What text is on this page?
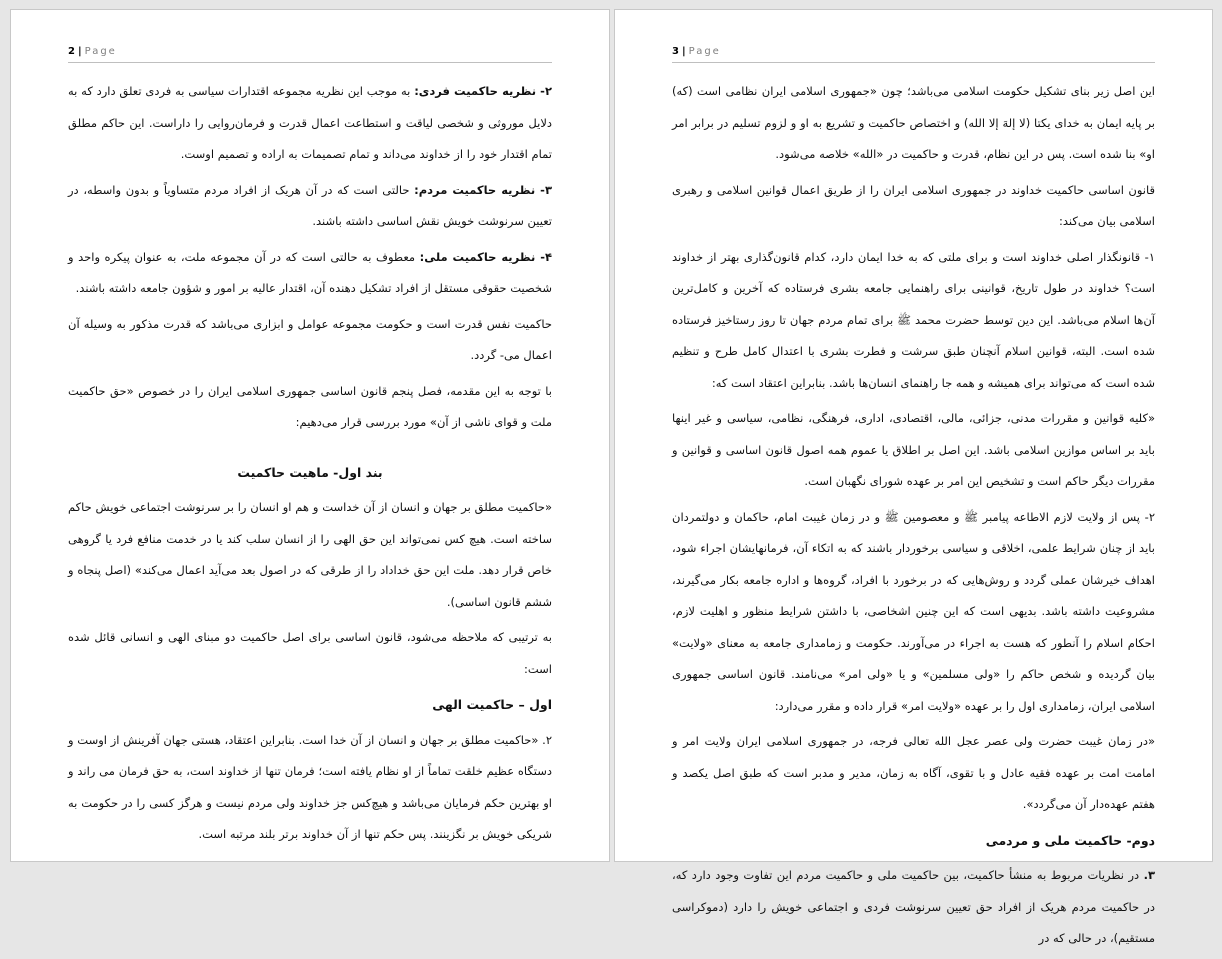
2 | Page

۲- نظریه حاکمیت فردی: به موجب این نظریه مجموعه اقتدارات سیاسی به فردی تعلق دارد که به دلایل موروثی و شخصی لیاقت و استطاعت اعمال قدرت و فرمان‌روایی را داراست. این حاکم مطلق تمام اقتدار خود را از خداوند می‌داند و تمام تصمیمات به اراده و تصمیم اوست.

۳- نظریه حاکمیت مردم: حالتی است که در آن هریک از افراد مردم متساویاً و بدون واسطه، در تعیین سرنوشت خویش نقش اساسی داشته باشند.

۴- نظریه حاکمیت ملی: معطوف به حالتی است که در آن مجموعه ملت، به عنوان پیکره واحد و شخصیت حقوقی مستقل از افراد تشکیل دهنده آن، اقتدار عالیه بر امور و شؤون جامعه داشته باشند.

حاکمیت نفس قدرت است و حکومت مجموعه عوامل و ابزاری می‌باشد که قدرت مذکور به وسیله آن اعمال می- گردد.

با توجه به این مقدمه، فصل پنجم قانون اساسی جمهوری اسلامی ایران را در خصوص «حق حاکمیت ملت و قوای ناشی از آن» مورد بررسی قرار می‌دهیم:

بند اول- ماهیت حاکمیت

«حاکمیت مطلق بر جهان و انسان از آن خداست و هم او انسان را بر سرنوشت اجتماعی خویش حاکم ساخته است. هیچ کس نمی‌تواند این حق الهی را از انسان سلب کند یا در خدمت منافع فرد یا گروهی خاص قرار دهد. ملت این حق خداداد را از طرقی که در اصول بعد می‌آید اعمال می‌کند» (اصل پنجاه و ششم قانون اساسی).

به ترتیبی که ملاحظه می‌شود، قانون اساسی برای اصل حاکمیت دو مبنای الهی و انسانی قائل شده است:

اول – حاکمیت الهی

۲. «حاکمیت مطلق بر جهان و انسان از آن خدا است. بنابراین اعتقاد، هستی جهان آفرینش از اوست و دستگاه عظیم خلقت تماماً از او نظام یافته است؛ فرمان تنها از خداوند است، به حق فرمان می راند و او بهترین حکم فرمایان می‌باشد و هیچ‌کس جز خداوند ولی مردم نیست و هرگز کسی را در حکومت به شریکی خویش بر نگزینند. پس حکم تنها از آن خداوند برتر بلند مرتبه است.

3 | Page

این اصل زیر بنای تشکیل حکومت اسلامی می‌باشد؛ چون «جمهوری اسلامی ایران نظامی است (که) بر پایه ایمان به خدای یکتا (لا إلهَ إلا الله) و اختصاص حاکمیت و تشریع به او و لزوم تسلیم در برابر امر او» بنا شده است. پس در این نظام، قدرت و حاکمیت در «الله» خلاصه می‌شود.

قانون اساسی حاکمیت خداوند در جمهوری اسلامی ایران را از طریق اعمال قوانین اسلامی و رهبری اسلامی بیان می‌کند:

۱- قانونگذار اصلی خداوند است و برای ملتی که به خدا ایمان دارد، کدام قانون‌گذاری بهتر از خداوند است؟ خداوند در طول تاریخ، قوانینی برای راهنمایی جامعه بشری فرستاده که آخرین و کامل‌ترین آن‌ها اسلام می‌باشد. این دین توسط حضرت محمد ﷺ برای تمام مردم جهان تا روز رستاخیز فرستاده شده است. البته، قوانین اسلام آنچنان طبق سرشت و فطرت بشری با اعتدال کامل طرح و تنظیم شده است که می‌تواند برای همیشه و همه جا راهنمای انسان‌ها باشد. بنابراین اعتقاد است که:

«کلیه قوانین و مقررات مدنی، جزائی، مالی، اقتصادی، اداری، فرهنگی، نظامی، سیاسی و غیر اینها باید بر اساس موازین اسلامی باشد. این اصل بر اطلاق یا عموم همه اصول قانون اساسی و قوانین و مقررات دیگر حاکم است و تشخیص این امر بر عهده شورای نگهبان است.

۲- پس از ولایت لازم الاطاعه پیامبر ﷺ و معصومین ﷺ و در زمان غیبت امام، حاکمان و دولتمردان باید از چنان شرایط علمی، اخلاقی و سیاسی برخوردار باشند که به اتکاء آن، فرمانهایشان اجراء شود، اهداف خیرشان عملی گردد و روش‌هایی که در برخورد با افراد، گروه‌ها و اداره جامعه بکار می‌گیرند، مشروعیت داشته باشد. بدیهی است که این چنین اشخاصی، با داشتن شرایط منظور و اهلیت لازم، احکام اسلام را آنطور که هست به اجراء در می‌آورند. حکومت و زمامداری جامعه به معنای «ولایت» بیان گردیده و شخص حاکم را «ولی مسلمین» و یا «ولی امر» می‌نامند. قانون اساسی جمهوری اسلامی ایران، زمامداری اول را بر عهده «ولایت امر» قرار داده و مقرر می‌دارد:

«در زمان غیبت حضرت ولی عصر عجل الله تعالی فرجه، در جمهوری اسلامی ایران ولایت امر و امامت امت بر عهده فقیه عادل و با تقوی، آگاه به زمان، مدیر و مدبر است که طبق اصل یکصد و هفتم عهده‌دار آن می‌گردد».

دوم- حاکمیت ملی و مردمی

۳. در نظریات مربوط به منشأ حاکمیت، بین حاکمیت ملی و حاکمیت مردم این تفاوت وجود دارد که، در حاکمیت مردم هریک از افراد حق تعیین سرنوشت فردی و اجتماعی خویش را دارد (دموکراسی مستقیم)، در حالی که در
